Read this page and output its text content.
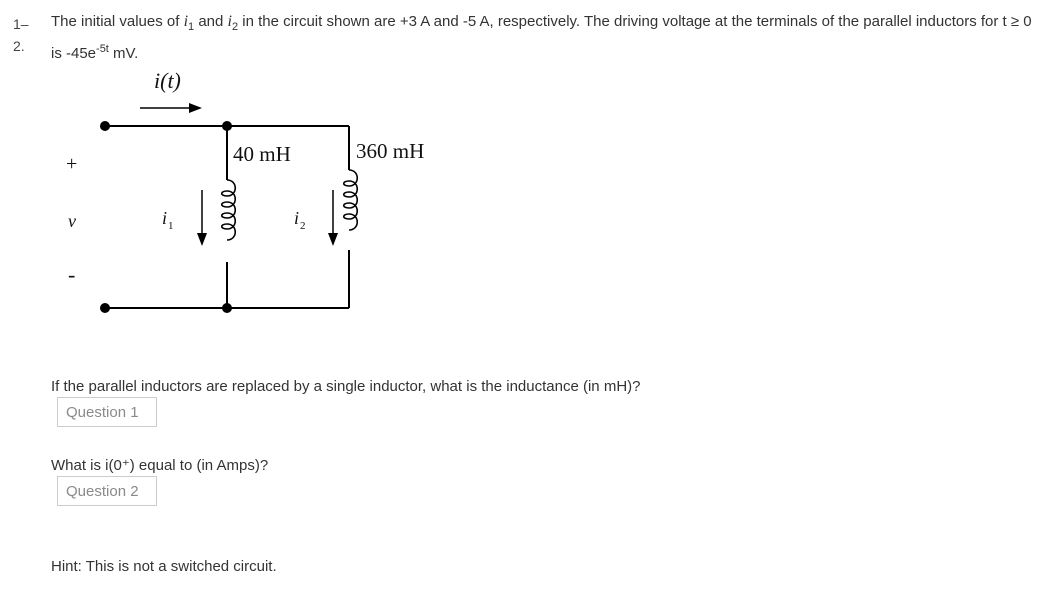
1–
2.
The initial values of $i_1$ and $i_2$ in the circuit shown are +3 A and -5 A, respectively. The driving voltage at the terminals of the parallel inductors for t ≥ 0 is $-45e^{-5t}$ mV.
i(t)
+
v
-
i 1	i 2
40 mH	360 mH
If the parallel inductors are replaced by a single inductor, what is the inductance (in mH)?
Question 1
What is i(0⁺) equal to (in Amps)?
Question 2
Hint: This is not a switched circuit.
